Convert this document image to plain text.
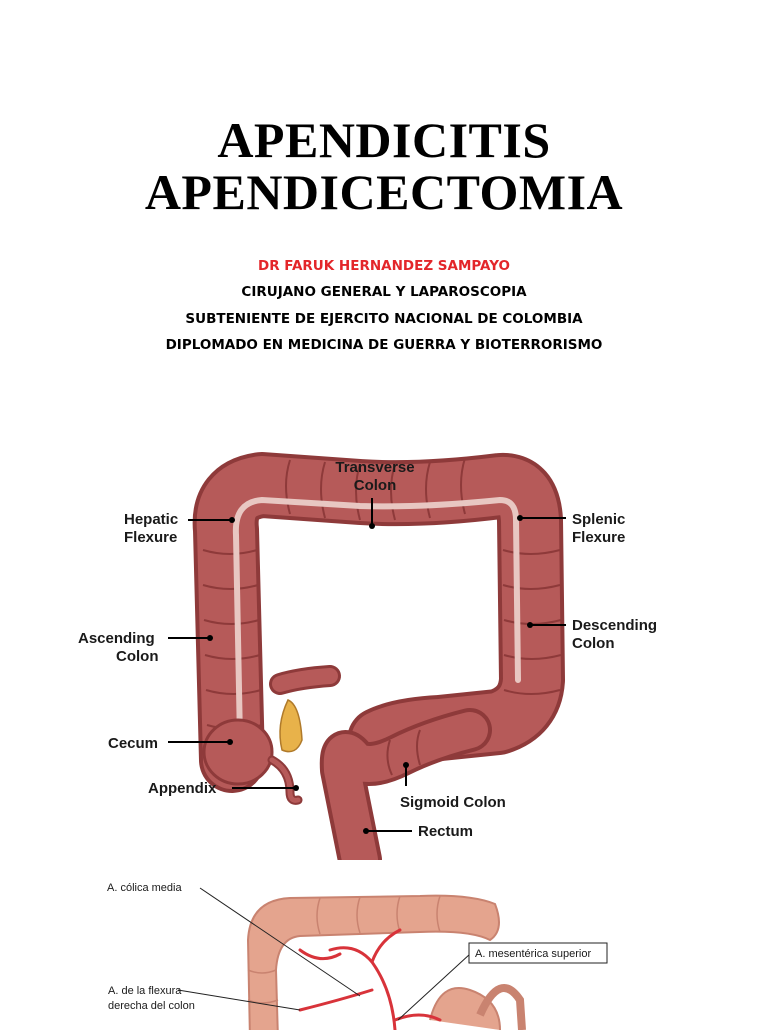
APENDICITIS
APENDICECTOMIA
DR FARUK HERNANDEZ SAMPAYO
CIRUJANO GENERAL Y LAPAROSCOPIA
SUBTENIENTE DE EJERCITO NACIONAL DE COLOMBIA
DIPLOMADO EN MEDICINA DE GUERRA Y BIOTERRORISMO
Transverse
Colon
Hepatic
Flexure
Splenic
Flexure
Ascending
Colon
Descending
Colon
Cecum
Appendix
Sigmoid Colon
Rectum
A. cólica media
A. de la flexura
derecha del colon
A. mesentérica superior
